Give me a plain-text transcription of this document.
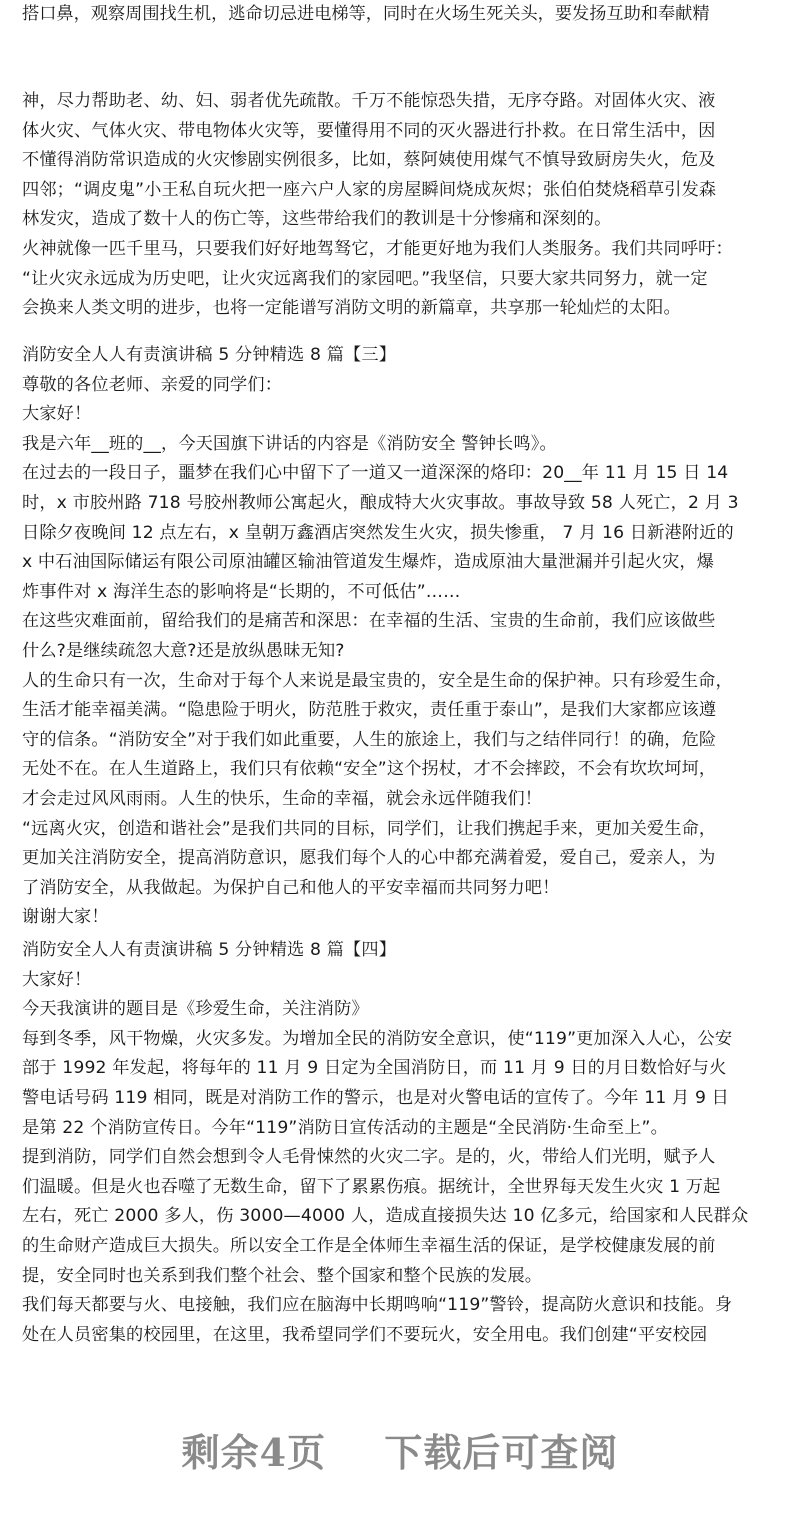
搭口鼻，观察周围找生机，逃命切忌进电梯等，同时在火场生死关头，要发扬互助和奉献精
神，尽力帮助老、幼、妇、弱者优先疏散。千万不能惊恐失措，无序夺路。对固体火灾、液
体火灾、气体火灾、带电物体火灾等，要懂得用不同的灭火器进行扑救。在日常生活中，因
不懂得消防常识造成的火灾惨剧实例很多，比如，蔡阿姨使用煤气不慎导致厨房失火，危及
四邻；“调皮鬼”小王私自玩火把一座六户人家的房屋瞬间烧成灰烬；张伯伯焚烧稻草引发森
林发灾，造成了数十人的伤亡等，这些带给我们的教训是十分惨痛和深刻的。
火神就像一匹千里马，只要我们好好地驾驽它，才能更好地为我们人类服务。我们共同呼吁：
“让火灾永远成为历史吧，让火灾远离我们的家园吧。”我坚信，只要大家共同努力，就一定
会换来人类文明的进步，也将一定能谱写消防文明的新篇章，共享那一轮灿烂的太阳。
消防安全人人有责演讲稿 5 分钟精选 8 篇【三】
尊敬的各位老师、亲爱的同学们：
大家好！
我是六年__班的__，今天国旗下讲话的内容是《消防安全 警钟长鸣》。
在过去的一段日子，噩梦在我们心中留下了一道又一道深深的烙印：20__年 11 月 15 日 14
时，x 市胶州路 718 号胶州教师公寓起火，酿成特大火灾事故。事故导致 58 人死亡，2 月 3
日除夕夜晚间 12 点左右，x 皇朝万鑫酒店突然发生火灾，损失惨重， 7 月 16 日新港附近的
x 中石油国际储运有限公司原油罐区输油管道发生爆炸，造成原油大量泄漏并引起火灾，爆
炸事件对 x 海洋生态的影响将是“长期的，不可低估”……
在这些灾难面前，留给我们的是痛苦和深思：在幸福的生活、宝贵的生命前，我们应该做些
什么?是继续疏忽大意?还是放纵愚昧无知?
人的生命只有一次，生命对于每个人来说是最宝贵的，安全是生命的保护神。只有珍爱生命，
生活才能幸福美满。“隐患险于明火，防范胜于救灾，责任重于泰山”，是我们大家都应该遵
守的信条。“消防安全”对于我们如此重要，人生的旅途上，我们与之结伴同行！的确，危险
无处不在。在人生道路上，我们只有依赖“安全”这个拐杖，才不会摔跤，不会有坎坎坷坷，
才会走过风风雨雨。人生的快乐，生命的幸福，就会永远伴随我们！
“远离火灾，创造和谐社会”是我们共同的目标，同学们，让我们携起手来，更加关爱生命，
更加关注消防安全，提高消防意识，愿我们每个人的心中都充满着爱，爱自己，爱亲人，为
了消防安全，从我做起。为保护自己和他人的平安幸福而共同努力吧！
谢谢大家！
消防安全人人有责演讲稿 5 分钟精选 8 篇【四】
大家好！
今天我演讲的题目是《珍爱生命，关注消防》
每到冬季，风干物燥，火灾多发。为增加全民的消防安全意识，使“119”更加深入人心，公安
部于 1992 年发起，将每年的 11 月 9 日定为全国消防日，而 11 月 9 日的月日数恰好与火
警电话号码 119 相同，既是对消防工作的警示，也是对火警电话的宣传了。今年 11 月 9 日
是第 22 个消防宣传日。今年“119”消防日宣传活动的主题是“全民消防·生命至上”。
提到消防，同学们自然会想到令人毛骨悚然的火灾二字。是的，火，带给人们光明，赋予人
们温暖。但是火也吞噬了无数生命，留下了累累伤痕。据统计，全世界每天发生火灾 1 万起
左右，死亡 2000 多人，伤 3000—4000 人，造成直接损失达 10 亿多元，给国家和人民群众
的生命财产造成巨大损失。所以安全工作是全体师生幸福生活的保证，是学校健康发展的前
提，安全同时也关系到我们整个社会、整个国家和整个民族的发展。
我们每天都要与火、电接触，我们应在脑海中长期鸣响“119”警铃，提高防火意识和技能。身
处在人员密集的校园里，在这里，我希望同学们不要玩火，安全用电。我们创建“平安校园
剩余4页 下载后可查阅
